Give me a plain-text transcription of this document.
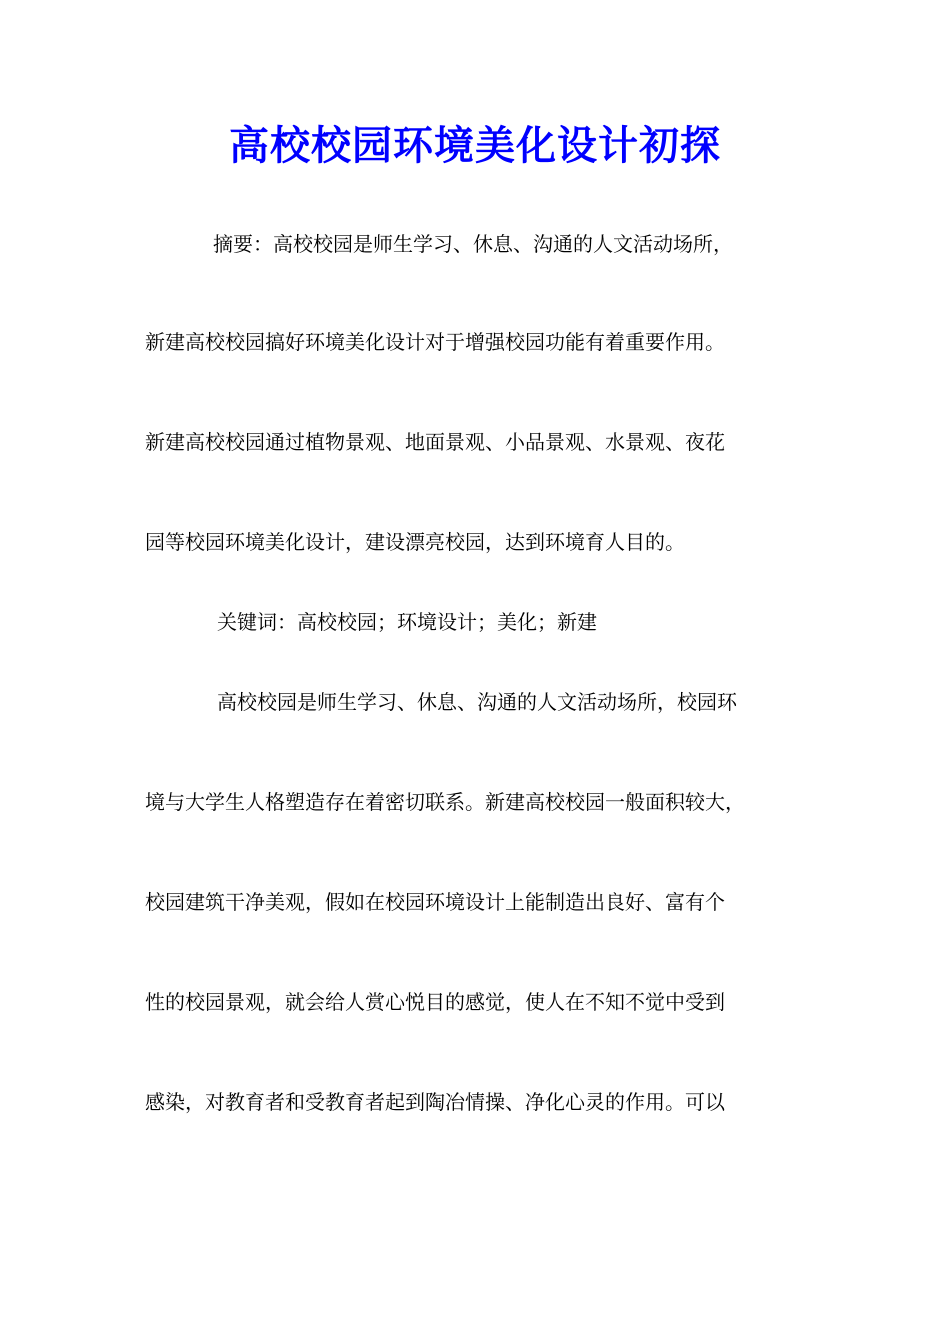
高校校园环境美化设计初探
摘要：高校校园是师生学习、休息、沟通的人文活动场所，
新建高校校园搞好环境美化设计对于增强校园功能有着重要作用。
新建高校校园通过植物景观、地面景观、小品景观、水景观、夜花
园等校园环境美化设计，建设漂亮校园，达到环境育人目的。
关键词：高校校园；环境设计；美化；新建
高校校园是师生学习、休息、沟通的人文活动场所，校园环
境与大学生人格塑造存在着密切联系。新建高校校园一般面积较大，
校园建筑干净美观，假如在校园环境设计上能制造出良好、富有个
性的校园景观，就会给人赏心悦目的感觉，使人在不知不觉中受到
感染，对教育者和受教育者起到陶冶情操、净化心灵的作用。可以
